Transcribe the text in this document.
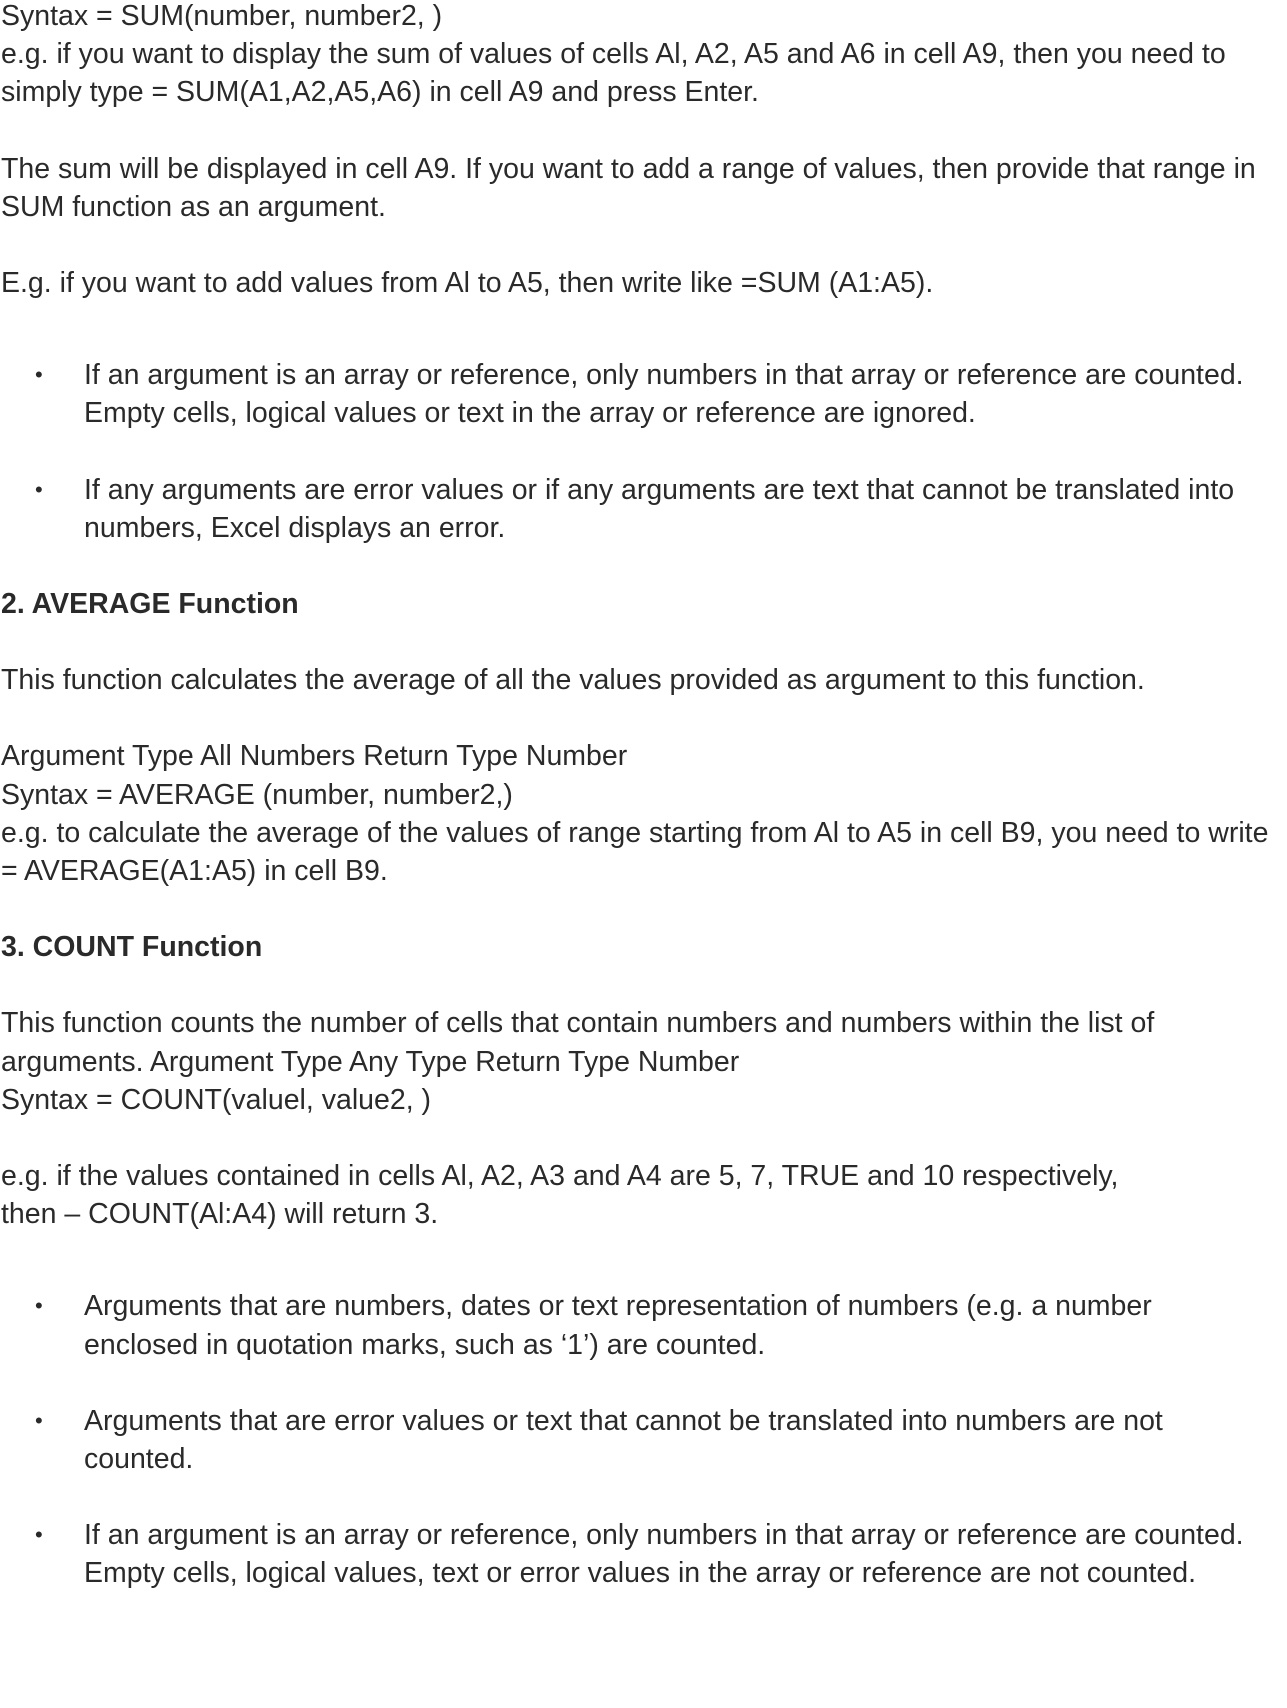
Syntax = SUM(number, number2, )
e.g. if you want to display the sum of values of cells Al, A2, A5 and A6 in cell A9, then you need to simply type = SUM(A1,A2,A5,A6) in cell A9 and press Enter.

The sum will be displayed in cell A9. If you want to add a range of values, then provide that range in SUM function as an argument.

E.g. if you want to add values from Al to A5, then write like =SUM (A1:A5).

• If an argument is an array or reference, only numbers in that array or reference are counted. Empty cells, logical values or text in the array or reference are ignored.
• If any arguments are error values or if any arguments are text that cannot be translated into numbers, Excel displays an error.
2. AVERAGE Function

This function calculates the average of all the values provided as argument to this function.

Argument Type All Numbers Return Type Number
Syntax = AVERAGE (number, number2,)
e.g. to calculate the average of the values of range starting from Al to A5 in cell B9, you need to write = AVERAGE(A1:A5) in cell B9.

3. COUNT Function

This function counts the number of cells that contain numbers and numbers within the list of arguments. Argument Type Any Type Return Type Number
Syntax = COUNT(valuel, value2, )

e.g. if the values contained in cells Al, A2, A3 and A4 are 5, 7, TRUE and 10 respectively, then – COUNT(Al:A4) will return 3.

• Arguments that are numbers, dates or text representation of numbers (e.g. a number enclosed in quotation marks, such as ‘1’) are counted.
• Arguments that are error values or text that cannot be translated into numbers are not counted.
• If an argument is an array or reference, only numbers in that array or reference are counted. Empty cells, logical values, text or error values in the array or reference are not counted.
